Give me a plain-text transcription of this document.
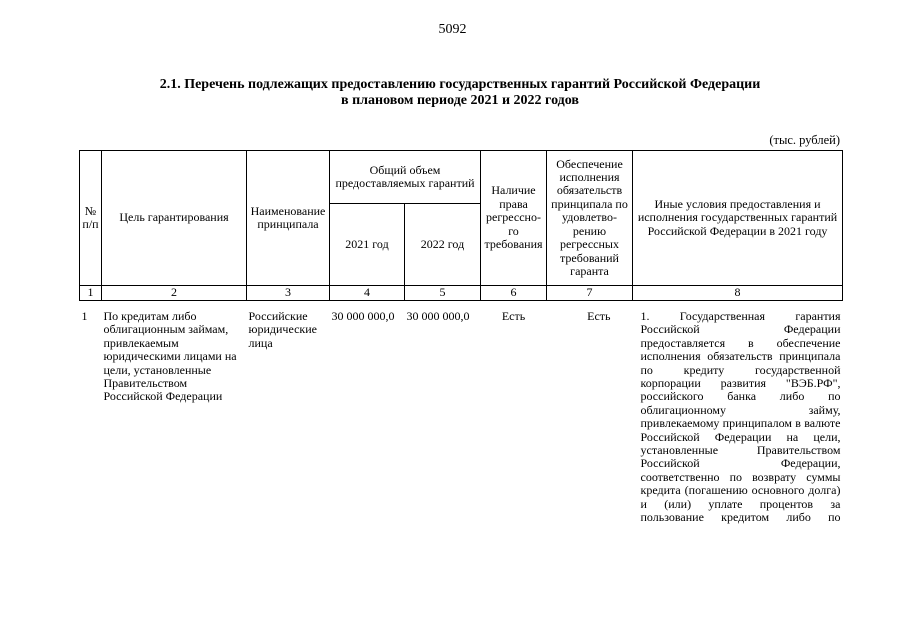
5092
2.1. Перечень подлежащих предоставлению государственных гарантий Российской Федерации
в плановом периоде 2021 и 2022 годов
(тыс. рублей)
№ п/п	Цель гарантирования	Наименование принципала	Общий объем предоставляемых гарантий		Наличие права регрессно-го требования	Обеспечение исполнения обязательств принципала по удовлетво-рению регрессных требований гаранта	Иные условия предоставления и исполнения государственных гарантий Российской Федерации в 2021 году
			2021 год	2022 год			
1	2	3	4	5	6	7	8

1	По кредитам либо облигационным займам, привлекаемым юридическими лицами на цели, установленные Правительством Российской Федерации	Российские юридические лица	30 000 000,0	30 000 000,0	Есть	Есть	1. Государственная гарантия Российской Федерации предоставляется в обеспечение исполнения обязательств принципала по кредиту государственной корпорации развития "ВЭБ.РФ", российского банка либо по облигационному займу, привлекаемому принципалом в валюте Российской Федерации на цели, установленные Правительством Российской Федерации, соответственно по возврату суммы кредита (погашению основного долга) и (или) уплате процентов за пользование кредитом либо по
